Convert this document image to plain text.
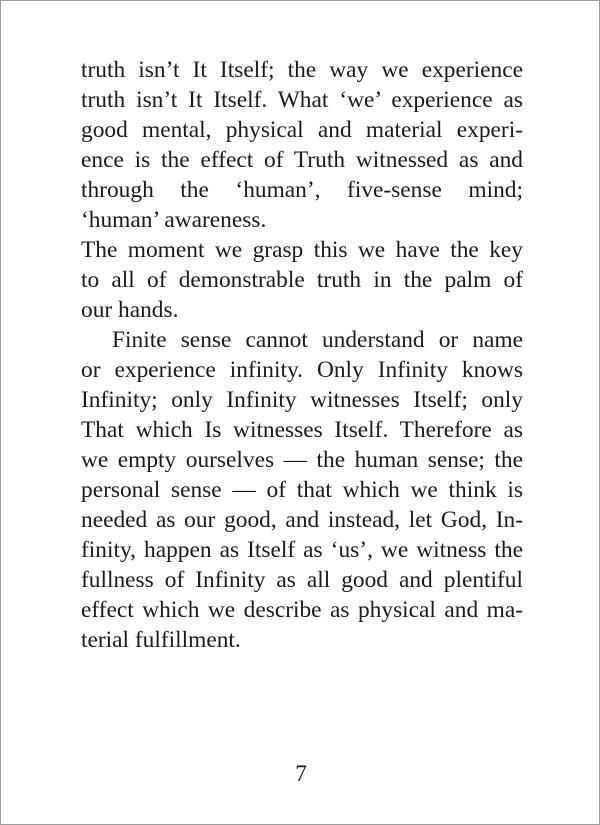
truth isn’t It Itself; the way we experience
truth isn’t It Itself. What ‘we’ experience as
good mental, physical and material experi-
ence is the effect of Truth witnessed as and
through the ‘human’, five-sense mind;
‘human’ awareness.
The moment we grasp this we have the key
to all of demonstrable truth in the palm of
our hands.
Finite sense cannot understand or name
or experience infinity. Only Infinity knows
Infinity; only Infinity witnesses Itself; only
That which Is witnesses Itself. Therefore as
we empty ourselves — the human sense; the
personal sense — of that which we think is
needed as our good, and instead, let God, In-
finity, happen as Itself as ‘us’, we witness the
fullness of Infinity as all good and plentiful
effect which we describe as physical and ma-
terial fulfillment.
7
